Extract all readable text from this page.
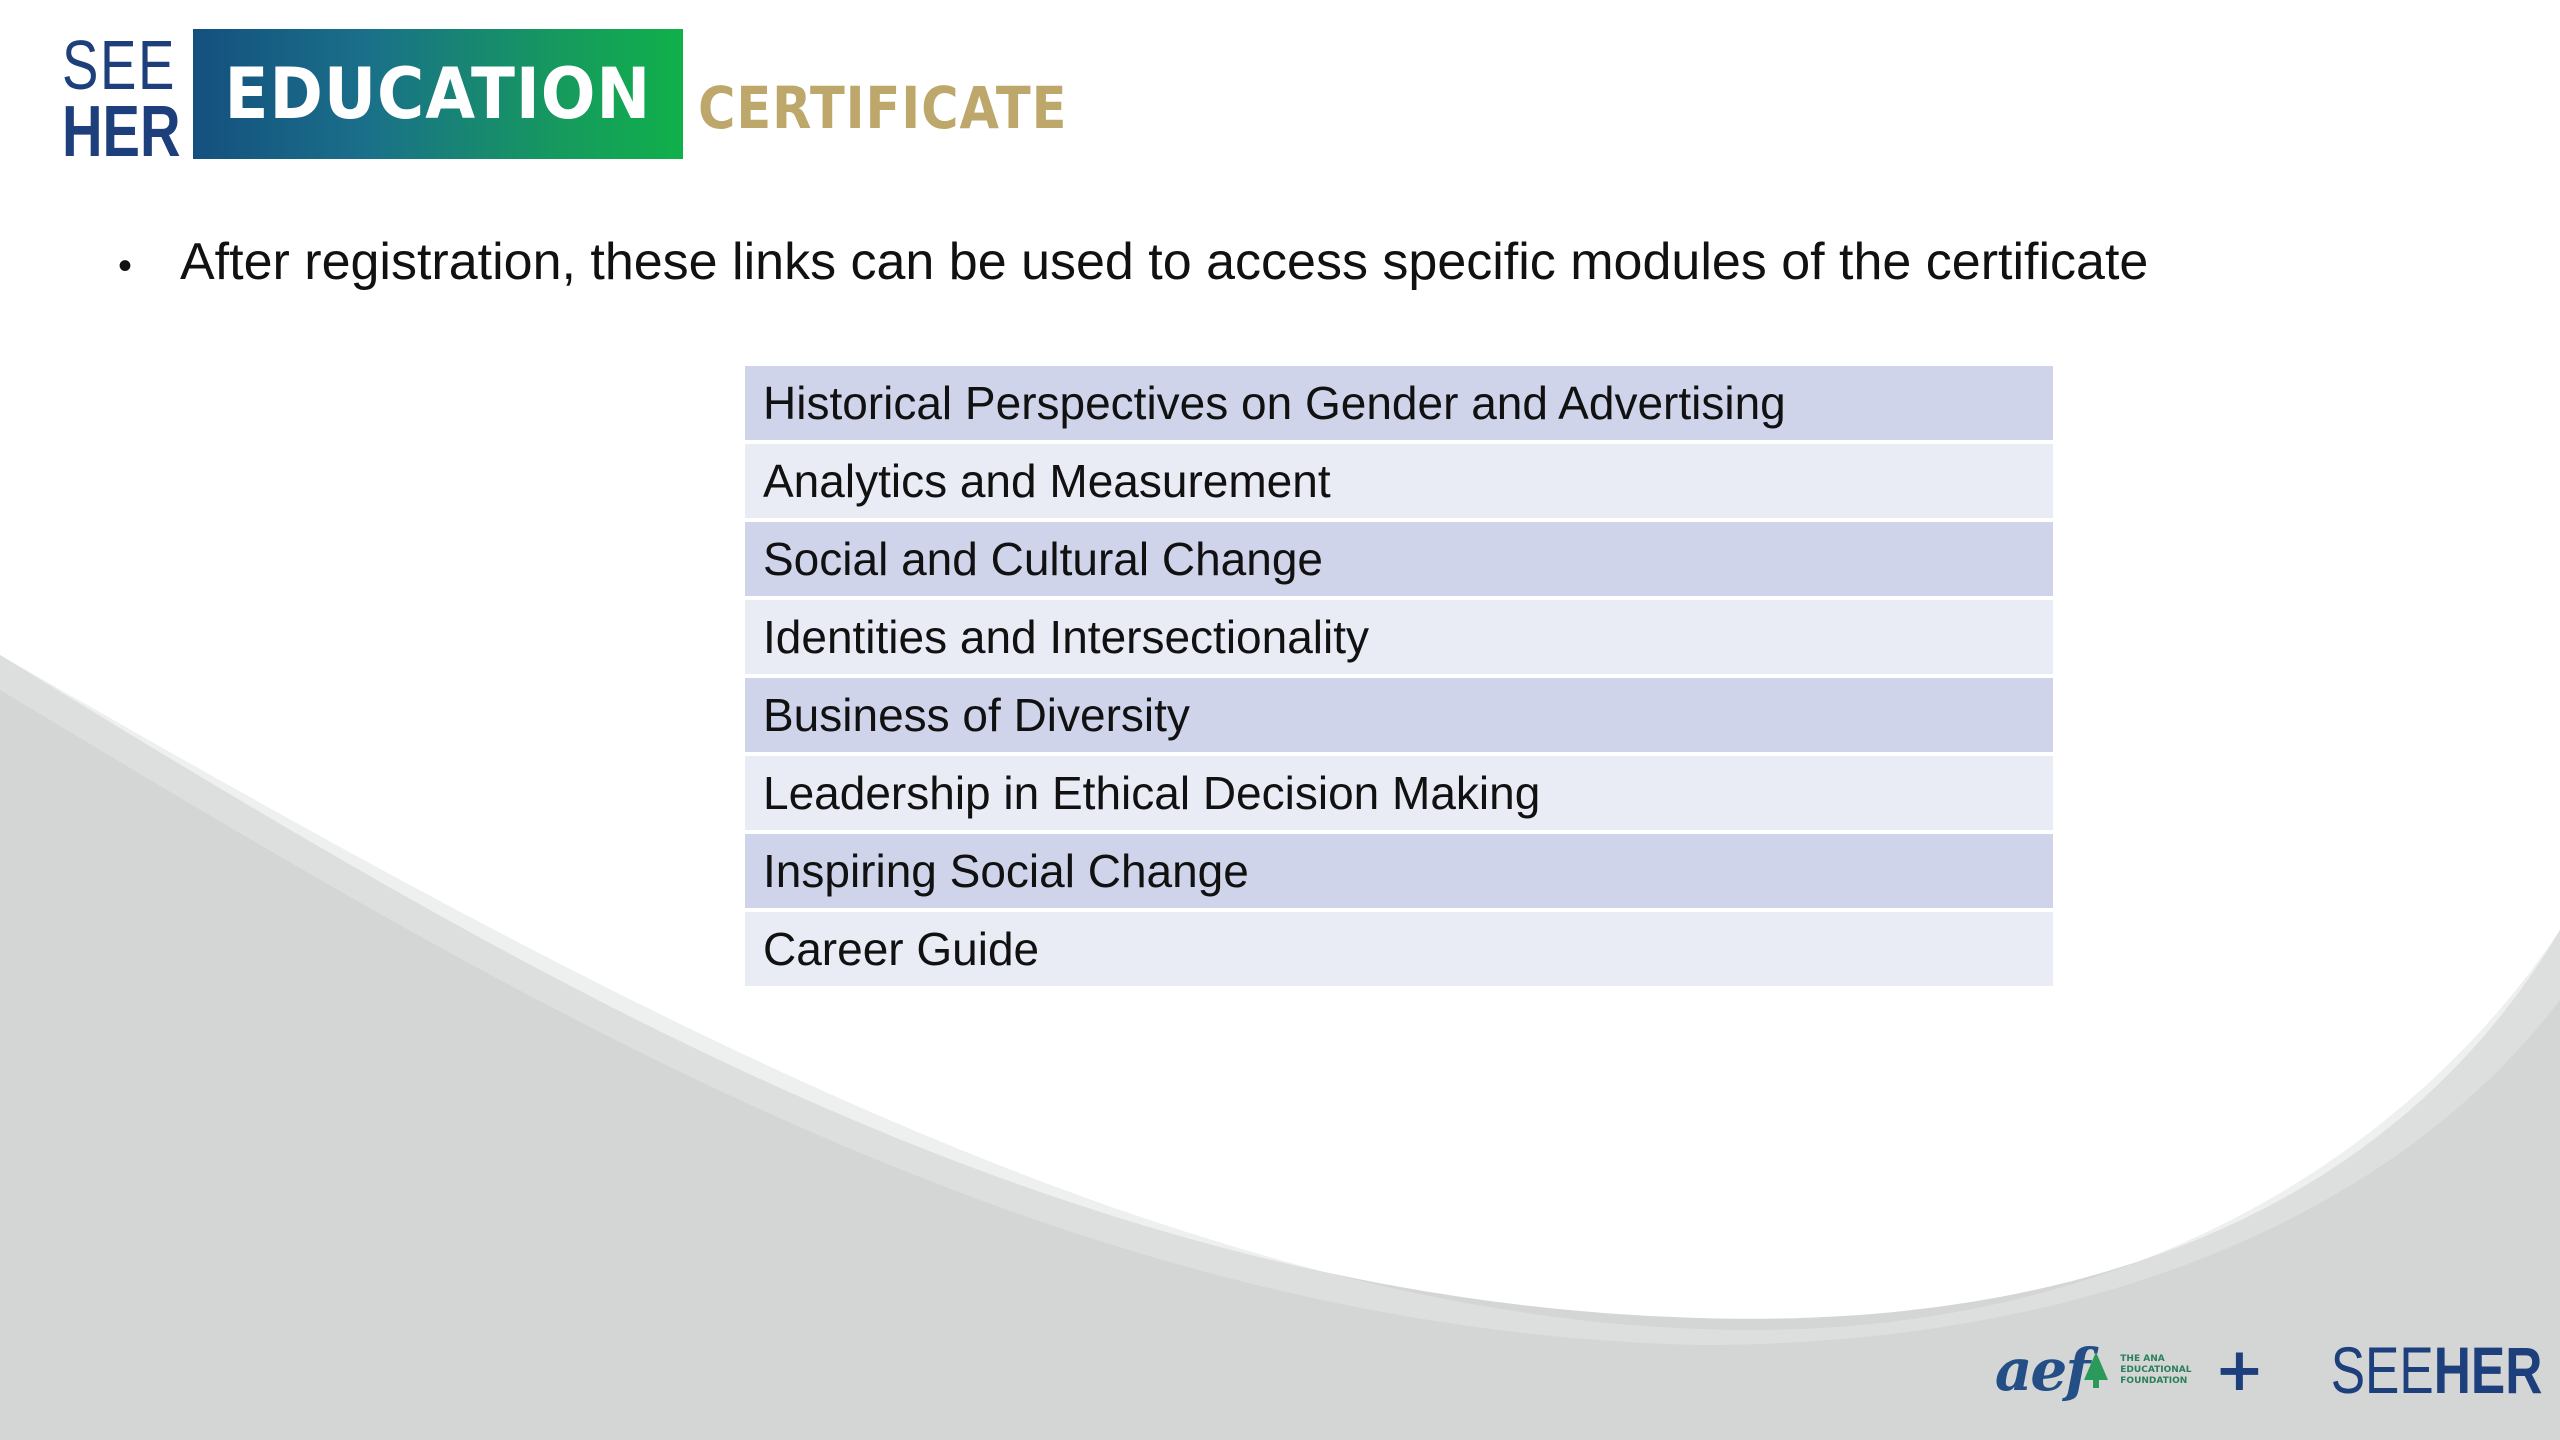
SEE
HER EDUCATION CERTIFICATE
• After registration, these links can be used to access specific modules of the certificate
Historical Perspectives on Gender and Advertising
Analytics and Measurement
Social and Cultural Change
Identities and Intersectionality
Business of Diversity
Leadership in Ethical Decision Making
Inspiring Social Change
Career Guide
aef	THE ANA EDUCATIONAL FOUNDATION + SEEHER
